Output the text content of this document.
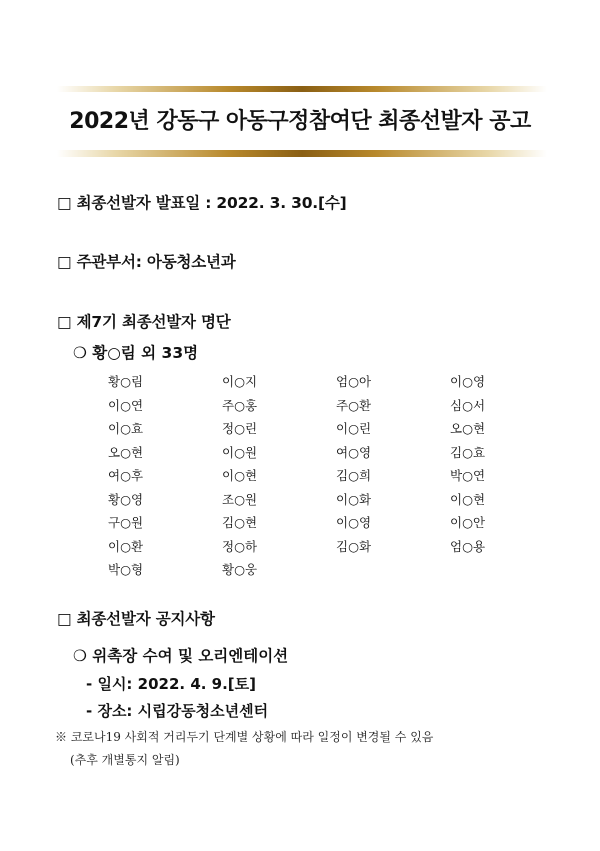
2022년 강동구 아동구정참여단 최종선발자 공고
□ 최종선발자 발표일 : 2022. 3. 30.[수]
□ 주관부서: 아동청소년과
□ 제7기 최종선발자 명단
❍ 황○림 외 33명
황○림	이○지	엄○아	이○영
이○연	주○홍	주○환	심○서
이○효	정○린	이○린	오○현
오○현	이○원	여○영	김○효
여○후	이○현	김○희	박○연
황○영	조○원	이○화	이○현
구○원	김○현	이○영	이○안
이○환	정○하	김○화	엄○용
박○형	황○웅
□ 최종선발자 공지사항
❍ 위촉장 수여 및 오리엔테이션
- 일시: 2022. 4. 9.[토]
- 장소: 시립강동청소년센터
※ 코로나19 사회적 거리두기 단계별 상황에 따라 일정이 변경될 수 있음
(추후 개별통지 알림)
